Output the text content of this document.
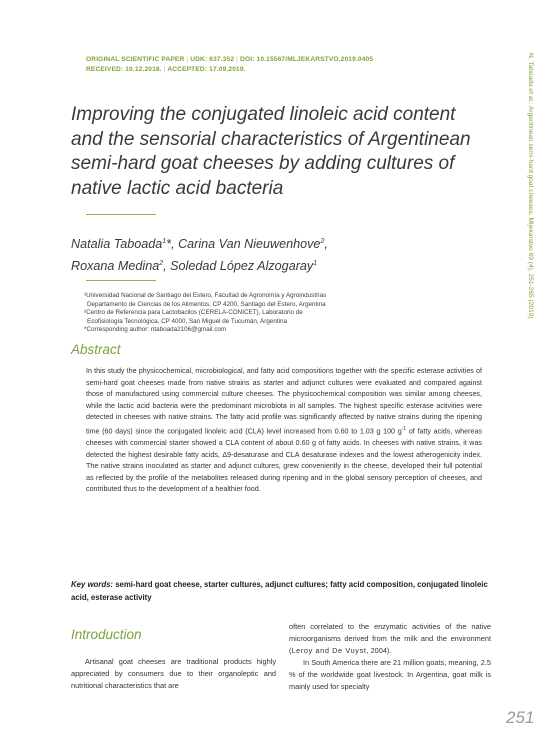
ORIGINAL SCIENTIFIC PAPER | UDK: 637.352 | DOI: 10.15567/MLJEKARSTVO.2019.0405
RECEIVED: 10.12.2018. | ACCEPTED: 17.09.2019.
Improving the conjugated linoleic acid content and the sensorial characteristics of Argentinean semi-hard goat cheeses by adding cultures of native lactic acid bacteria
Natalia Taboada$^1$*, Carina Van Nieuwenhove$^2$,
Roxana Medina$^2$, Soledad López Alzogaray$^1$
¹Universidad Nacional de Santiago del Estero, Facultad de Agronomía y Agroindustrias
Departamento de Ciencias de los Alimentos, CP 4200, Santiago del Estero, Argentina
²Centro de Referencia para Lactobacilos (CERELA-CONICET), Laboratorio de
Ecofisiología Tecnológica, CP 4000, San Miguel de Tucumán, Argentina
*Corresponding author: ntaboada2106@gmail.com
Abstract
In this study the physicochemical, microbiological, and fatty acid compositions together with the specific esterase activities of semi-hard goat cheeses made from native strains as starter and adjunct cultures were evaluated and compared against those of manufactured using commercial culture cheeses. The physicochemical composition was similar among cheeses, while the lactic acid bacteria were the predominant microbiota in all samples. The highest specific esterase activities were detected in cheeses with native strains. The fatty acid profile was significantly affected by native strains during the ripening time (60 days) since the conjugated linoleic acid (CLA) level increased from 0.60 to 1.03 g 100 $g^{-1}$ of fatty acids, whereas cheeses with commercial starter showed a CLA content of about 0.60 g of fatty acids. In cheeses with native strains, it was detected the highest desirable fatty acids, Δ9-desaturase and CLA desaturase indexes and the lowest atherogenicity index. The native strains inoculated as starter and adjunct cultures, grew conveniently in the cheese, developed their full potential as reflected by the profile of the metabolites released during ripening and in the global sensory perception of cheeses, and contributed thus to the development of a healthier food.
Key words: semi-hard goat cheese, starter cultures, adjunct cultures; fatty acid composition, conjugated linoleic acid, esterase activity
Introduction

Artisanal goat cheeses are traditional products highly appreciated by consumers due to their organoleptic and nutritional characteristics that are

often correlated to the enzymatic activities of the native microorganisms derived from the milk and the environment (Leroy and De Vuyst, 2004).

In South America there are 21 million goats, meaning, 2.5 % of the worldwide goat livestock. In Argentina, goat milk is mainly used for specialty

251
N. Taboada et al.: Argentinean semi-hard goat cheeses, Mljekarstvo 69 (4), 251-265 (2019)
